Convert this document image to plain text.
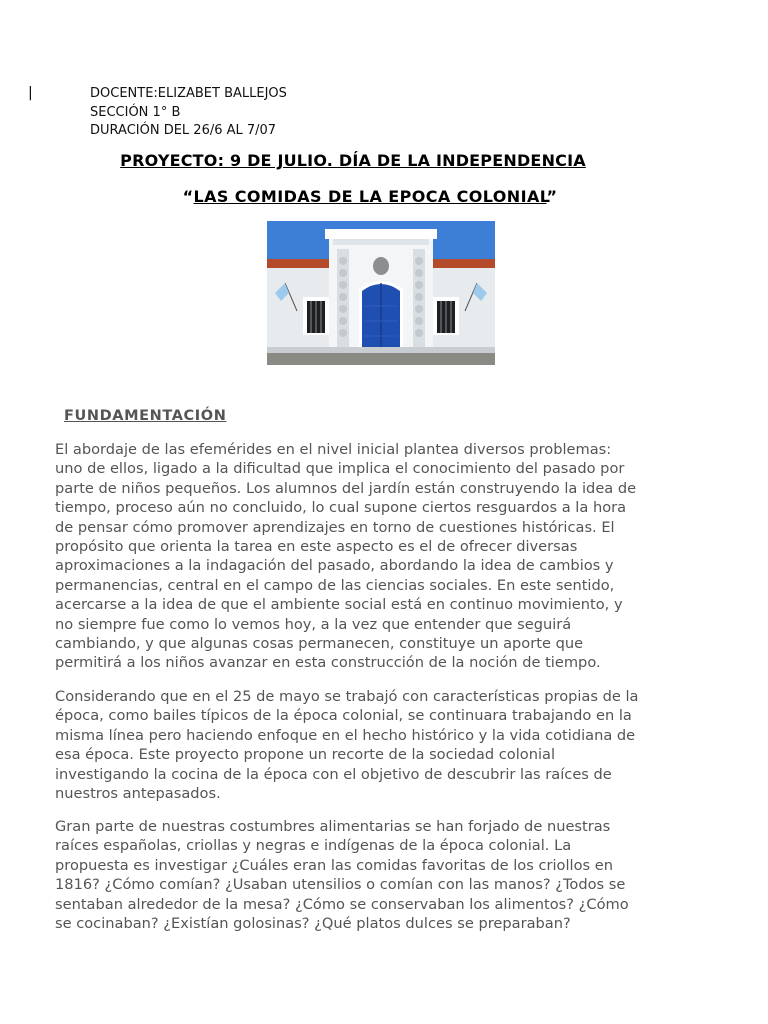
|	DOCENTE:ELIZABET BALLEJOS
SECCIÓN 1° B
DURACIÓN DEL 26/6 AL 7/07
PROYECTO: 9 DE JULIO. DÍA DE LA INDEPENDENCIA
“LAS COMIDAS DE LA EPOCA COLONIAL”
FUNDAMENTACIÓN

El abordaje de las efemérides en el nivel inicial plantea diversos problemas:
uno de ellos, ligado a la dificultad que implica el conocimiento del pasado por
parte de niños pequeños. Los alumnos del jardín están construyendo la idea de
tiempo, proceso aún no concluido, lo cual supone ciertos resguardos a la hora
de pensar cómo promover aprendizajes en torno de cuestiones históricas. El
propósito que orienta la tarea en este aspecto es el de ofrecer diversas
aproximaciones a la indagación del pasado, abordando la idea de cambios y
permanencias, central en el campo de las ciencias sociales. En este sentido,
acercarse a la idea de que el ambiente social está en continuo movimiento, y
no siempre fue como lo vemos hoy, a la vez que entender que seguirá
cambiando, y que algunas cosas permanecen, constituye un aporte que
permitirá a los niños avanzar en esta construcción de la noción de tiempo.

Considerando que en el 25 de mayo se trabajó con características propias de la
época, como bailes típicos de la época colonial, se continuara trabajando en la
misma línea pero haciendo enfoque en el hecho histórico y la vida cotidiana de
esa época. Este proyecto propone un recorte de la sociedad colonial
investigando la cocina de la época con el objetivo de descubrir las raíces de
nuestros antepasados.

Gran parte de nuestras costumbres alimentarias se han forjado de nuestras
raíces españolas, criollas y negras e indígenas de la época colonial. La
propuesta es investigar ¿Cuáles eran las comidas favoritas de los criollos en
1816? ¿Cómo comían? ¿Usaban utensilios o comían con las manos? ¿Todos se
sentaban alrededor de la mesa? ¿Cómo se conservaban los alimentos? ¿Cómo
se cocinaban? ¿Existían golosinas? ¿Qué platos dulces se preparaban?
